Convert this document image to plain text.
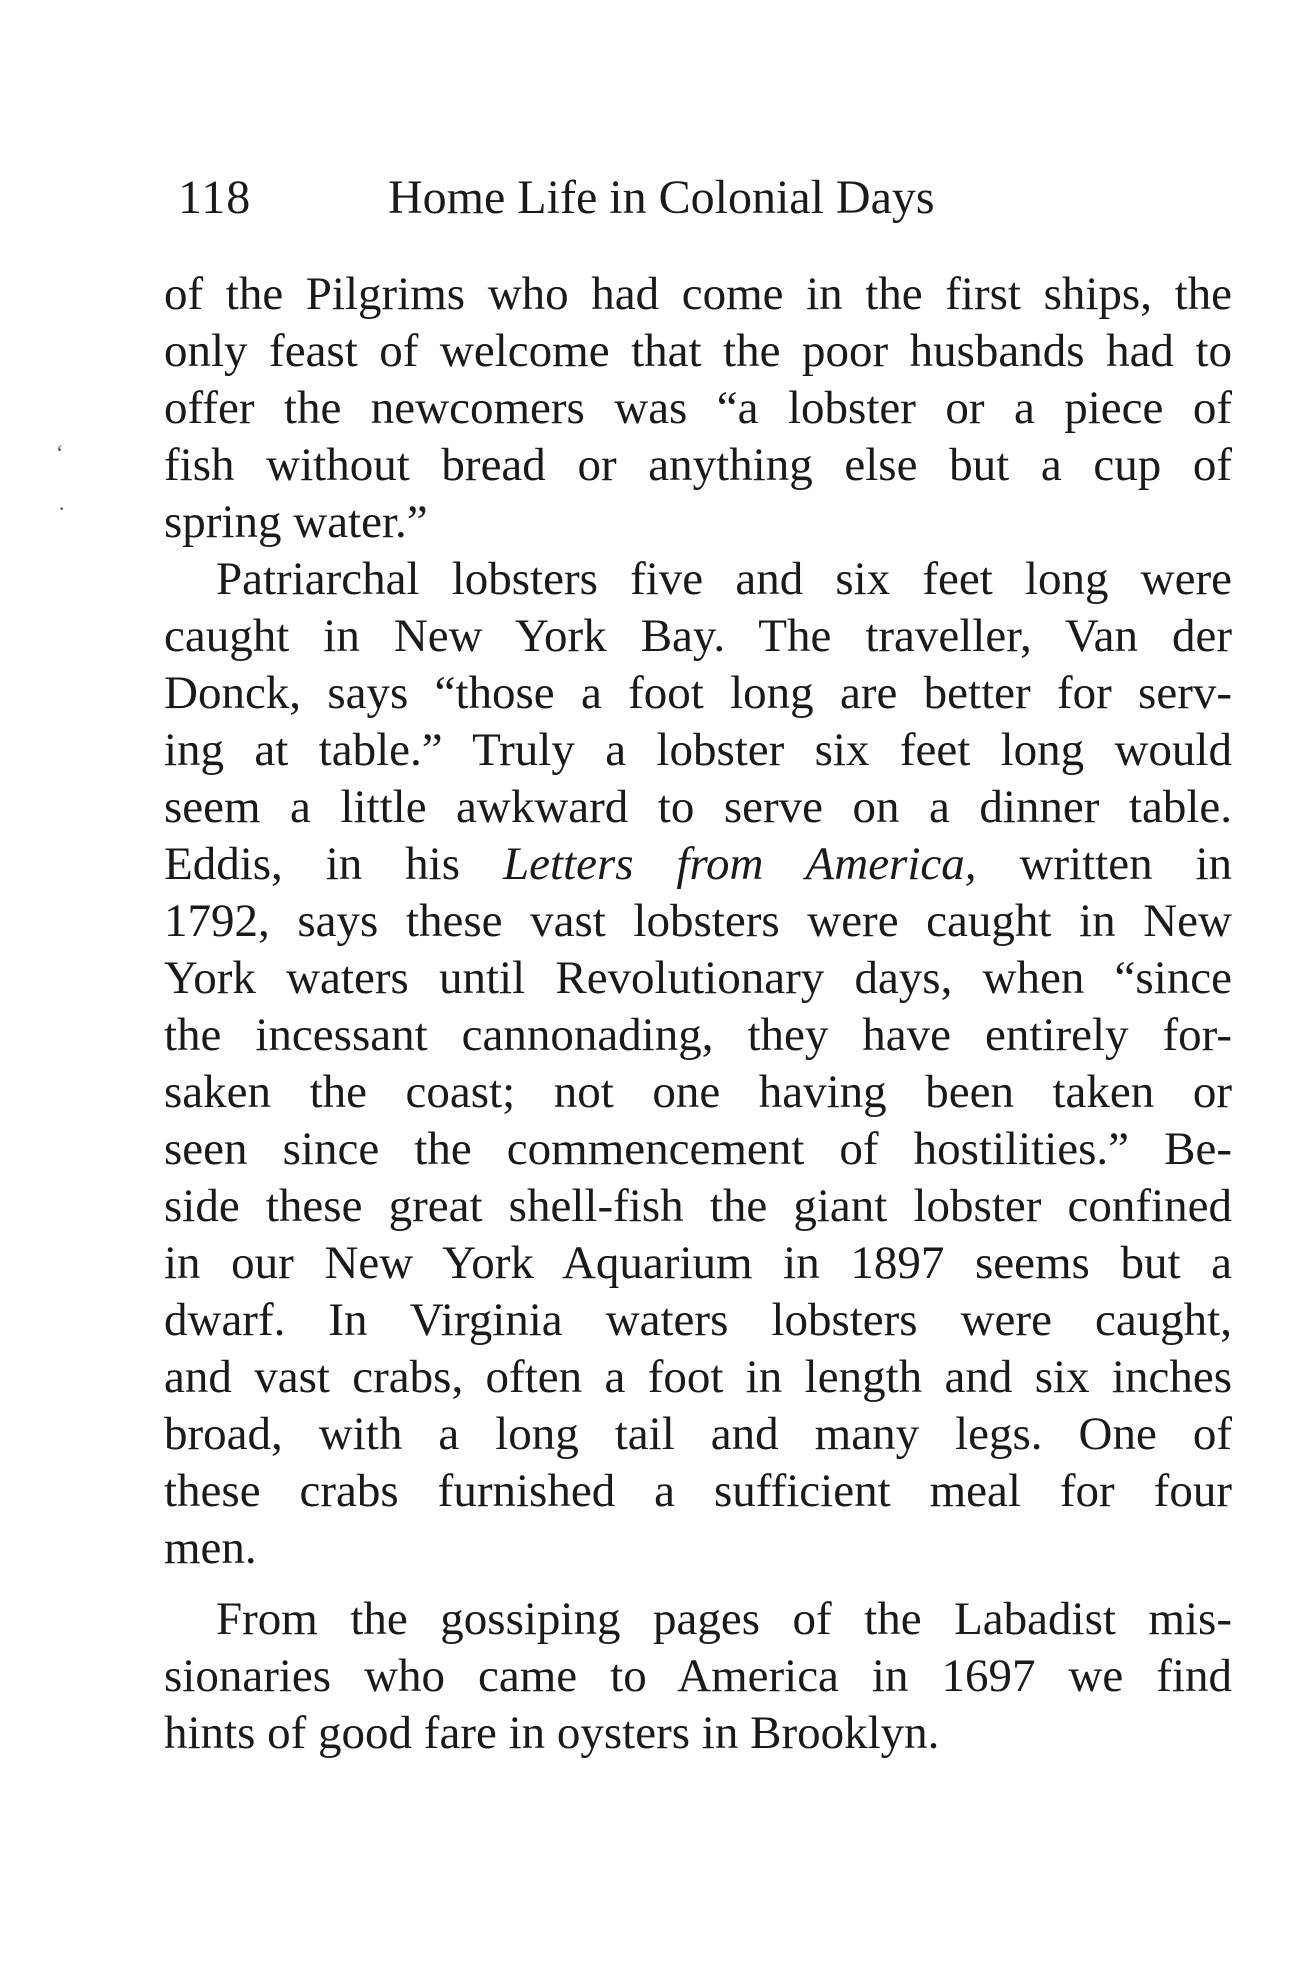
118	Home Life in Colonial Days
ʻ
·
of the Pilgrims who had come in the first ships, the
only feast of welcome that the poor husbands had to
offer the newcomers was “a lobster or a piece of
fish without bread or anything else but a cup of
spring water.”
Patriarchal lobsters five and six feet long were
caught in New York Bay. The traveller, Van der
Donck, says “those a foot long are better for serv-
ing at table.” Truly a lobster six feet long would
seem a little awkward to serve on a dinner table.
Eddis, in his Letters from America, written in
1792, says these vast lobsters were caught in New
York waters until Revolutionary days, when “since
the incessant cannonading, they have entirely for-
saken the coast; not one having been taken or
seen since the commencement of hostilities.” Be-
side these great shell-fish the giant lobster confined
in our New York Aquarium in 1897 seems but a
dwarf. In Virginia waters lobsters were caught,
and vast crabs, often a foot in length and six inches
broad, with a long tail and many legs. One of
these crabs furnished a sufficient meal for four
men.
From the gossiping pages of the Labadist mis-
sionaries who came to America in 1697 we find
hints of good fare in oysters in Brooklyn.
